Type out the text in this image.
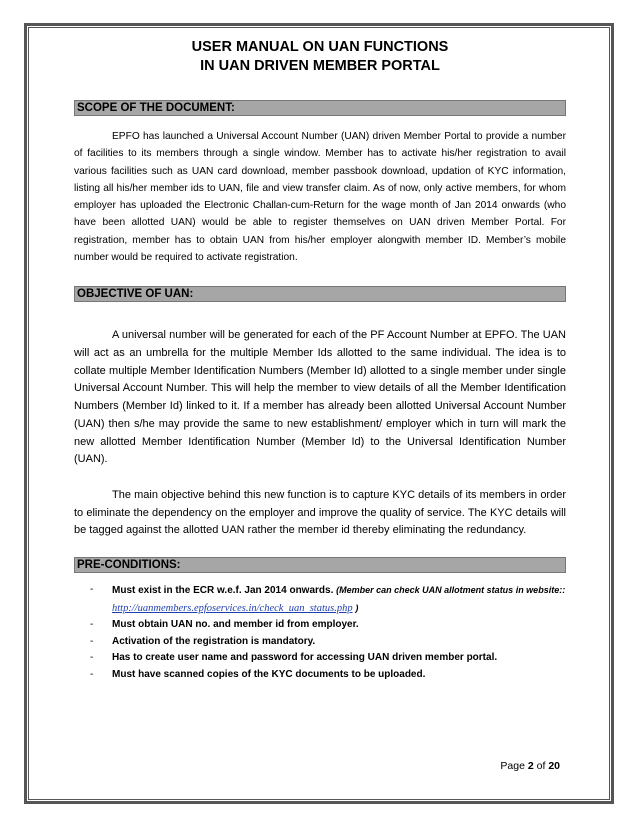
USER MANUAL ON UAN FUNCTIONS
IN UAN DRIVEN MEMBER PORTAL
SCOPE OF THE DOCUMENT:

EPFO has launched a Universal Account Number (UAN) driven Member Portal to provide a number of facilities to its members through a single window. Member has to activate his/her registration to avail various facilities such as UAN card download, member passbook download, updation of KYC information, listing all his/her member ids to UAN, file and view transfer claim. As of now, only active members, for whom employer has uploaded the Electronic Challan-cum-Return for the wage month of Jan 2014 onwards (who have been allotted UAN) would be able to register themselves on UAN driven Member Portal. For registration, member has to obtain UAN from his/her employer alongwith member ID. Member’s mobile number would be required to activate registration.

OBJECTIVE OF UAN:

A universal number will be generated for each of the PF Account Number at EPFO. The UAN will act as an umbrella for the multiple Member Ids allotted to the same individual. The idea is to collate multiple Member Identification Numbers (Member Id) allotted to a single member under single Universal Account Number. This will help the member to view details of all the Member Identification Numbers (Member Id) linked to it. If a member has already been allotted Universal Account Number (UAN) then s/he may provide the same to new establishment/ employer which in turn will mark the new allotted Member Identification Number (Member Id) to the Universal Identification Number (UAN).

The main objective behind this new function is to capture KYC details of its members in order to eliminate the dependency on the employer and improve the quality of service. The KYC details will be tagged against the allotted UAN rather the member id thereby eliminating the redundancy.

PRE-CONDITIONS:
- Must exist in the ECR w.e.f. Jan 2014 onwards. (Member can check UAN allotment status in website:: http://uanmembers.epfoservices.in/check_uan_status.php )
- Must obtain UAN no. and member id from employer.
- Activation of the registration is mandatory.
- Has to create user name and password for accessing UAN driven member portal.
- Must have scanned copies of the KYC documents to be uploaded.
Page 2 of 20
